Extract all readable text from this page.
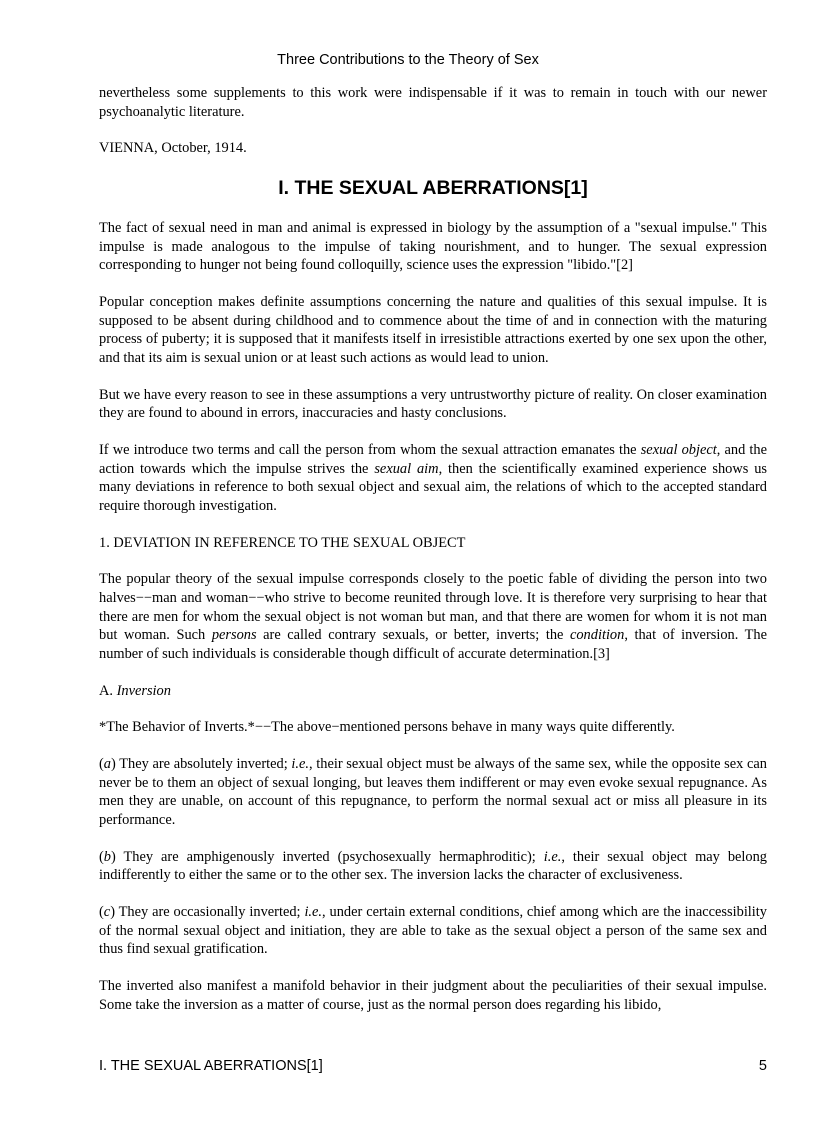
Three Contributions to the Theory of Sex

nevertheless some supplements to this work were indispensable if it was to remain in touch with our newer psychoanalytic literature.

VIENNA, October, 1914.

I. THE SEXUAL ABERRATIONS[1]

The fact of sexual need in man and animal is expressed in biology by the assumption of a "sexual impulse." This impulse is made analogous to the impulse of taking nourishment, and to hunger. The sexual expression corresponding to hunger not being found colloquilly, science uses the expression "libido."[2]

Popular conception makes definite assumptions concerning the nature and qualities of this sexual impulse. It is supposed to be absent during childhood and to commence about the time of and in connection with the maturing process of puberty; it is supposed that it manifests itself in irresistible attractions exerted by one sex upon the other, and that its aim is sexual union or at least such actions as would lead to union.

But we have every reason to see in these assumptions a very untrustworthy picture of reality. On closer examination they are found to abound in errors, inaccuracies and hasty conclusions.

If we introduce two terms and call the person from whom the sexual attraction emanates the sexual object, and the action towards which the impulse strives the sexual aim, then the scientifically examined experience shows us many deviations in reference to both sexual object and sexual aim, the relations of which to the accepted standard require thorough investigation.

1. DEVIATION IN REFERENCE TO THE SEXUAL OBJECT

The popular theory of the sexual impulse corresponds closely to the poetic fable of dividing the person into two halves−−man and woman−−who strive to become reunited through love. It is therefore very surprising to hear that there are men for whom the sexual object is not woman but man, and that there are women for whom it is not man but woman. Such persons are called contrary sexuals, or better, inverts; the condition, that of inversion. The number of such individuals is considerable though difficult of accurate determination.[3]

A. Inversion

*The Behavior of Inverts.*−−The above−mentioned persons behave in many ways quite differently.

(a) They are absolutely inverted; i.e., their sexual object must be always of the same sex, while the opposite sex can never be to them an object of sexual longing, but leaves them indifferent or may even evoke sexual repugnance. As men they are unable, on account of this repugnance, to perform the normal sexual act or miss all pleasure in its performance.

(b) They are amphigenously inverted (psychosexually hermaphroditic); i.e., their sexual object may belong indifferently to either the same or to the other sex. The inversion lacks the character of exclusiveness.

(c) They are occasionally inverted; i.e., under certain external conditions, chief among which are the inaccessibility of the normal sexual object and initiation, they are able to take as the sexual object a person of the same sex and thus find sexual gratification.

The inverted also manifest a manifold behavior in their judgment about the peculiarities of their sexual impulse. Some take the inversion as a matter of course, just as the normal person does regarding his libido,

I. THE SEXUAL ABERRATIONS[1]	5
